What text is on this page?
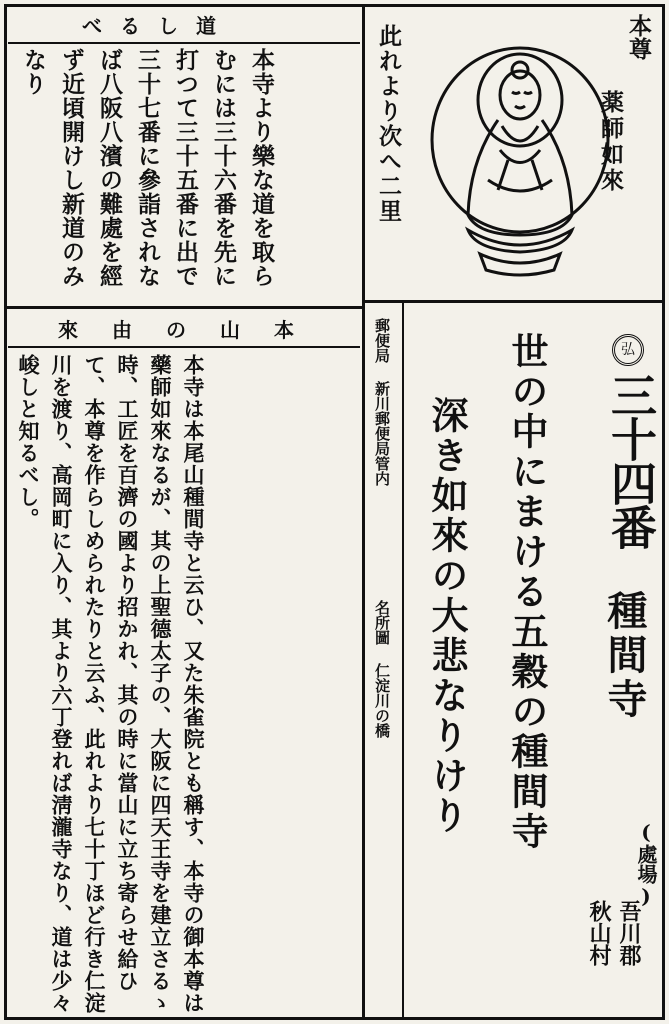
道しるべ
本寺より樂な道を取らむには三十六番を先に打つて三十五番に出で三十七番に參詣されなば八阪八濱の難處を經ず近頃開けし新道のみなり
本山の由來
本寺は本尾山種間寺と云ひ、又た朱雀院とも稱す、本寺の御本尊は藥師如來なるが、其の上聖德太子の、大阪に四天王寺を建立さるゝ時、工匠を百濟の國より招かれ、其の時に當山に立ち寄らせ給ひて、本尊を作らしめられたりと云ふ、此れより七十丁ほど行き仁淀川を渡り、高岡町に入り、其より六丁登れば淸瀧寺なり、道は少々峻しと知るべし。
此れより次へ二里	本尊
薬師如來
郵便局 新川郵便局管内
名所圖 仁淀川の橋
弘
三十四番
種間寺
(處場)
吾川郡
秋山村
世の中にまける五穀の種間寺
深き如來の大悲なりけり
